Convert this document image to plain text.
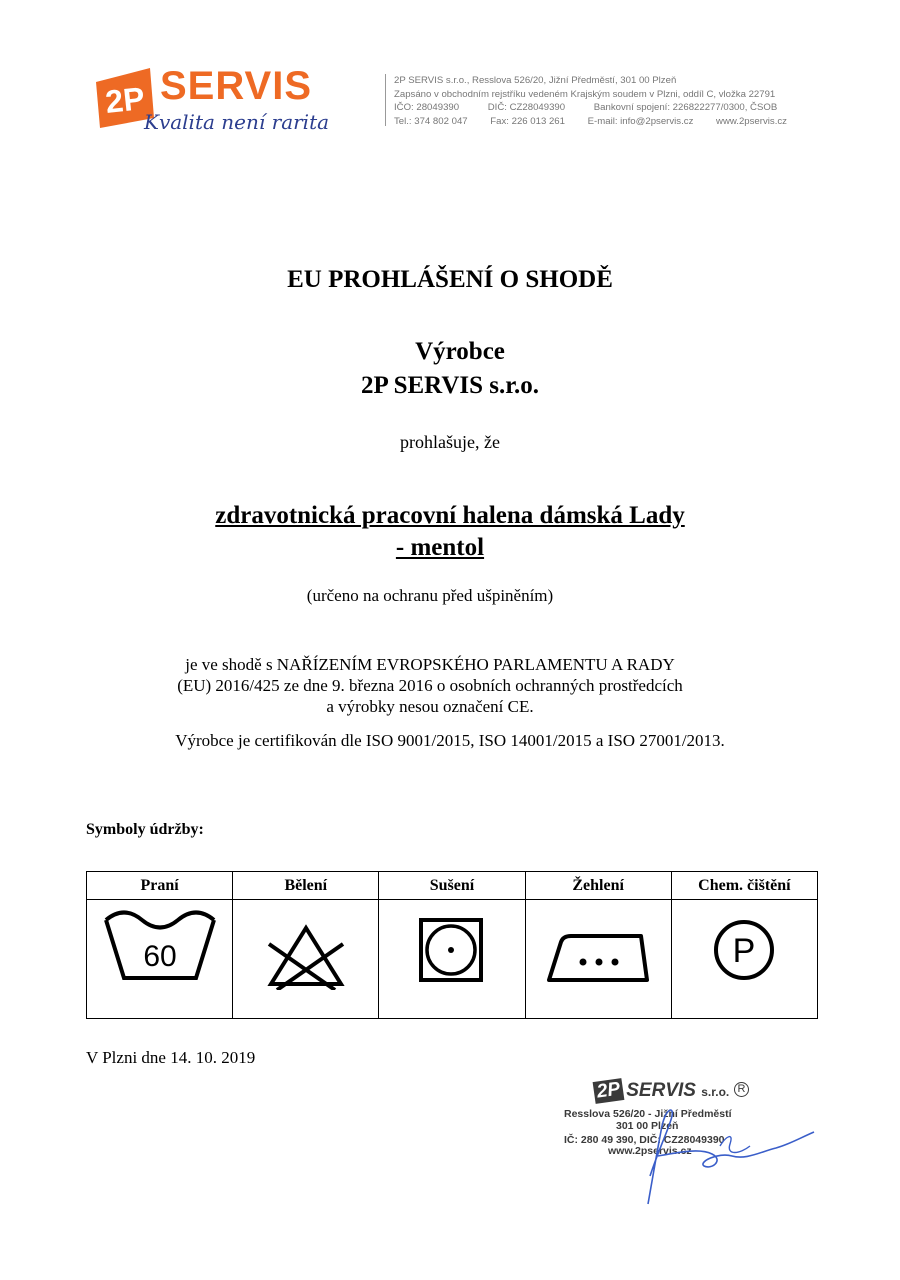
2P SERVIS
Kvalita není rarita
2P SERVIS s.r.o., Resslova 526/20, Jižní Předměstí, 301 00 Plzeň
Zapsáno v obchodním rejstříku vedeném Krajským soudem v Plzni, oddíl C, vložka 22791
IČO: 28049390	DIČ: CZ28049390	Bankovní spojení: 226822277/0300, ČSOB
Tel.: 374 802 047 Fax: 226 013 261 E-mail: info@2pservis.cz www.2pservis.cz
EU PROHLÁŠENÍ O SHODĚ
Výrobce
2P SERVIS s.r.o.
prohlašuje, že
zdravotnická pracovní halena dámská Lady
- mentol
(určeno na ochranu před ušpiněním)
je ve shodě s NAŘÍZENÍM EVROPSKÉHO PARLAMENTU A RADY
(EU) 2016/425 ze dne 9. března 2016 o osobních ochranných prostředcích
a výrobky nesou označení CE.
Výrobce je certifikován dle ISO 9001/2015, ISO 14001/2015 a ISO 27001/2013.
Symboly údržby:
Praní	Bělení	Sušení	Žehlení	Chem. čištění

60				P
V Plzni dne 14. 10. 2019
2P SERVIS s.r.o. R
Resslova 526/20 - Jižní Předměstí
301 00 Plzeň
IČ: 280 49 390, DIČ: CZ28049390
www.2pservis.cz
